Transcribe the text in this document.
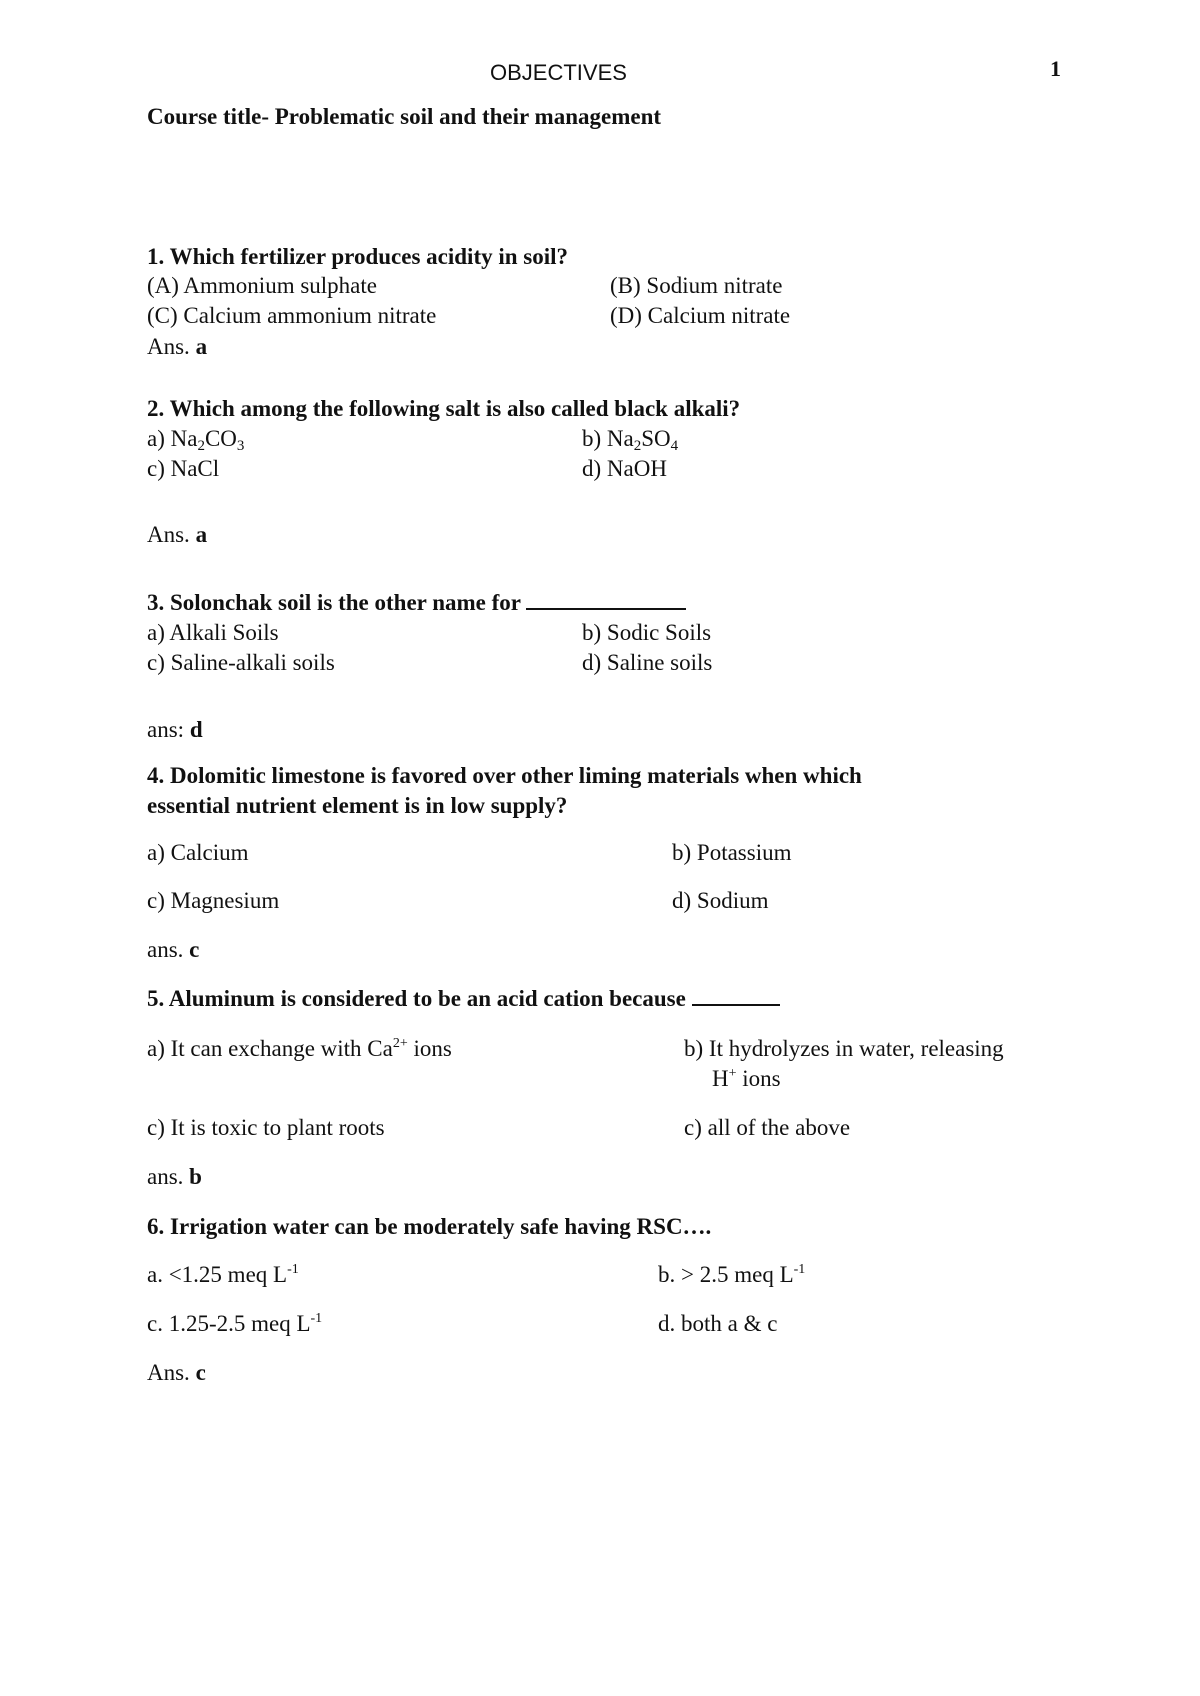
OBJECTIVES	1
Course title- Problematic soil and their management
1. Which fertilizer produces acidity in soil?
(A) Ammonium sulphate	(B) Sodium nitrate
(C) Calcium ammonium nitrate	(D) Calcium nitrate
Ans. a
2. Which among the following salt is also called black alkali?
a) $Na_2CO_3$	b) $Na_2SO_4$
c) NaCl	d) NaOH
Ans. a
3. Solonchak soil is the other name for
a) Alkali Soils	b) Sodic Soils
c) Saline-alkali soils	d) Saline soils
ans: d
4. Dolomitic limestone is favored over other liming materials when which
essential nutrient element is in low supply?
a) Calcium	b) Potassium
c) Magnesium	d) Sodium
ans. c
5. Aluminum is considered to be an acid cation because
a) It can exchange with $Ca^{2+}$ ions	b) It hydrolyzes in water, releasing
H+ ions
c) It is toxic to plant roots	c) all of the above
ans. b
6. Irrigation water can be moderately safe having RSC….
a. <1.25 meq $L^{-1}$	b. > 2.5 meq $L^{-1}$
c. 1.25-2.5 meq $L^{-1}$	d. both a & c
Ans. c
